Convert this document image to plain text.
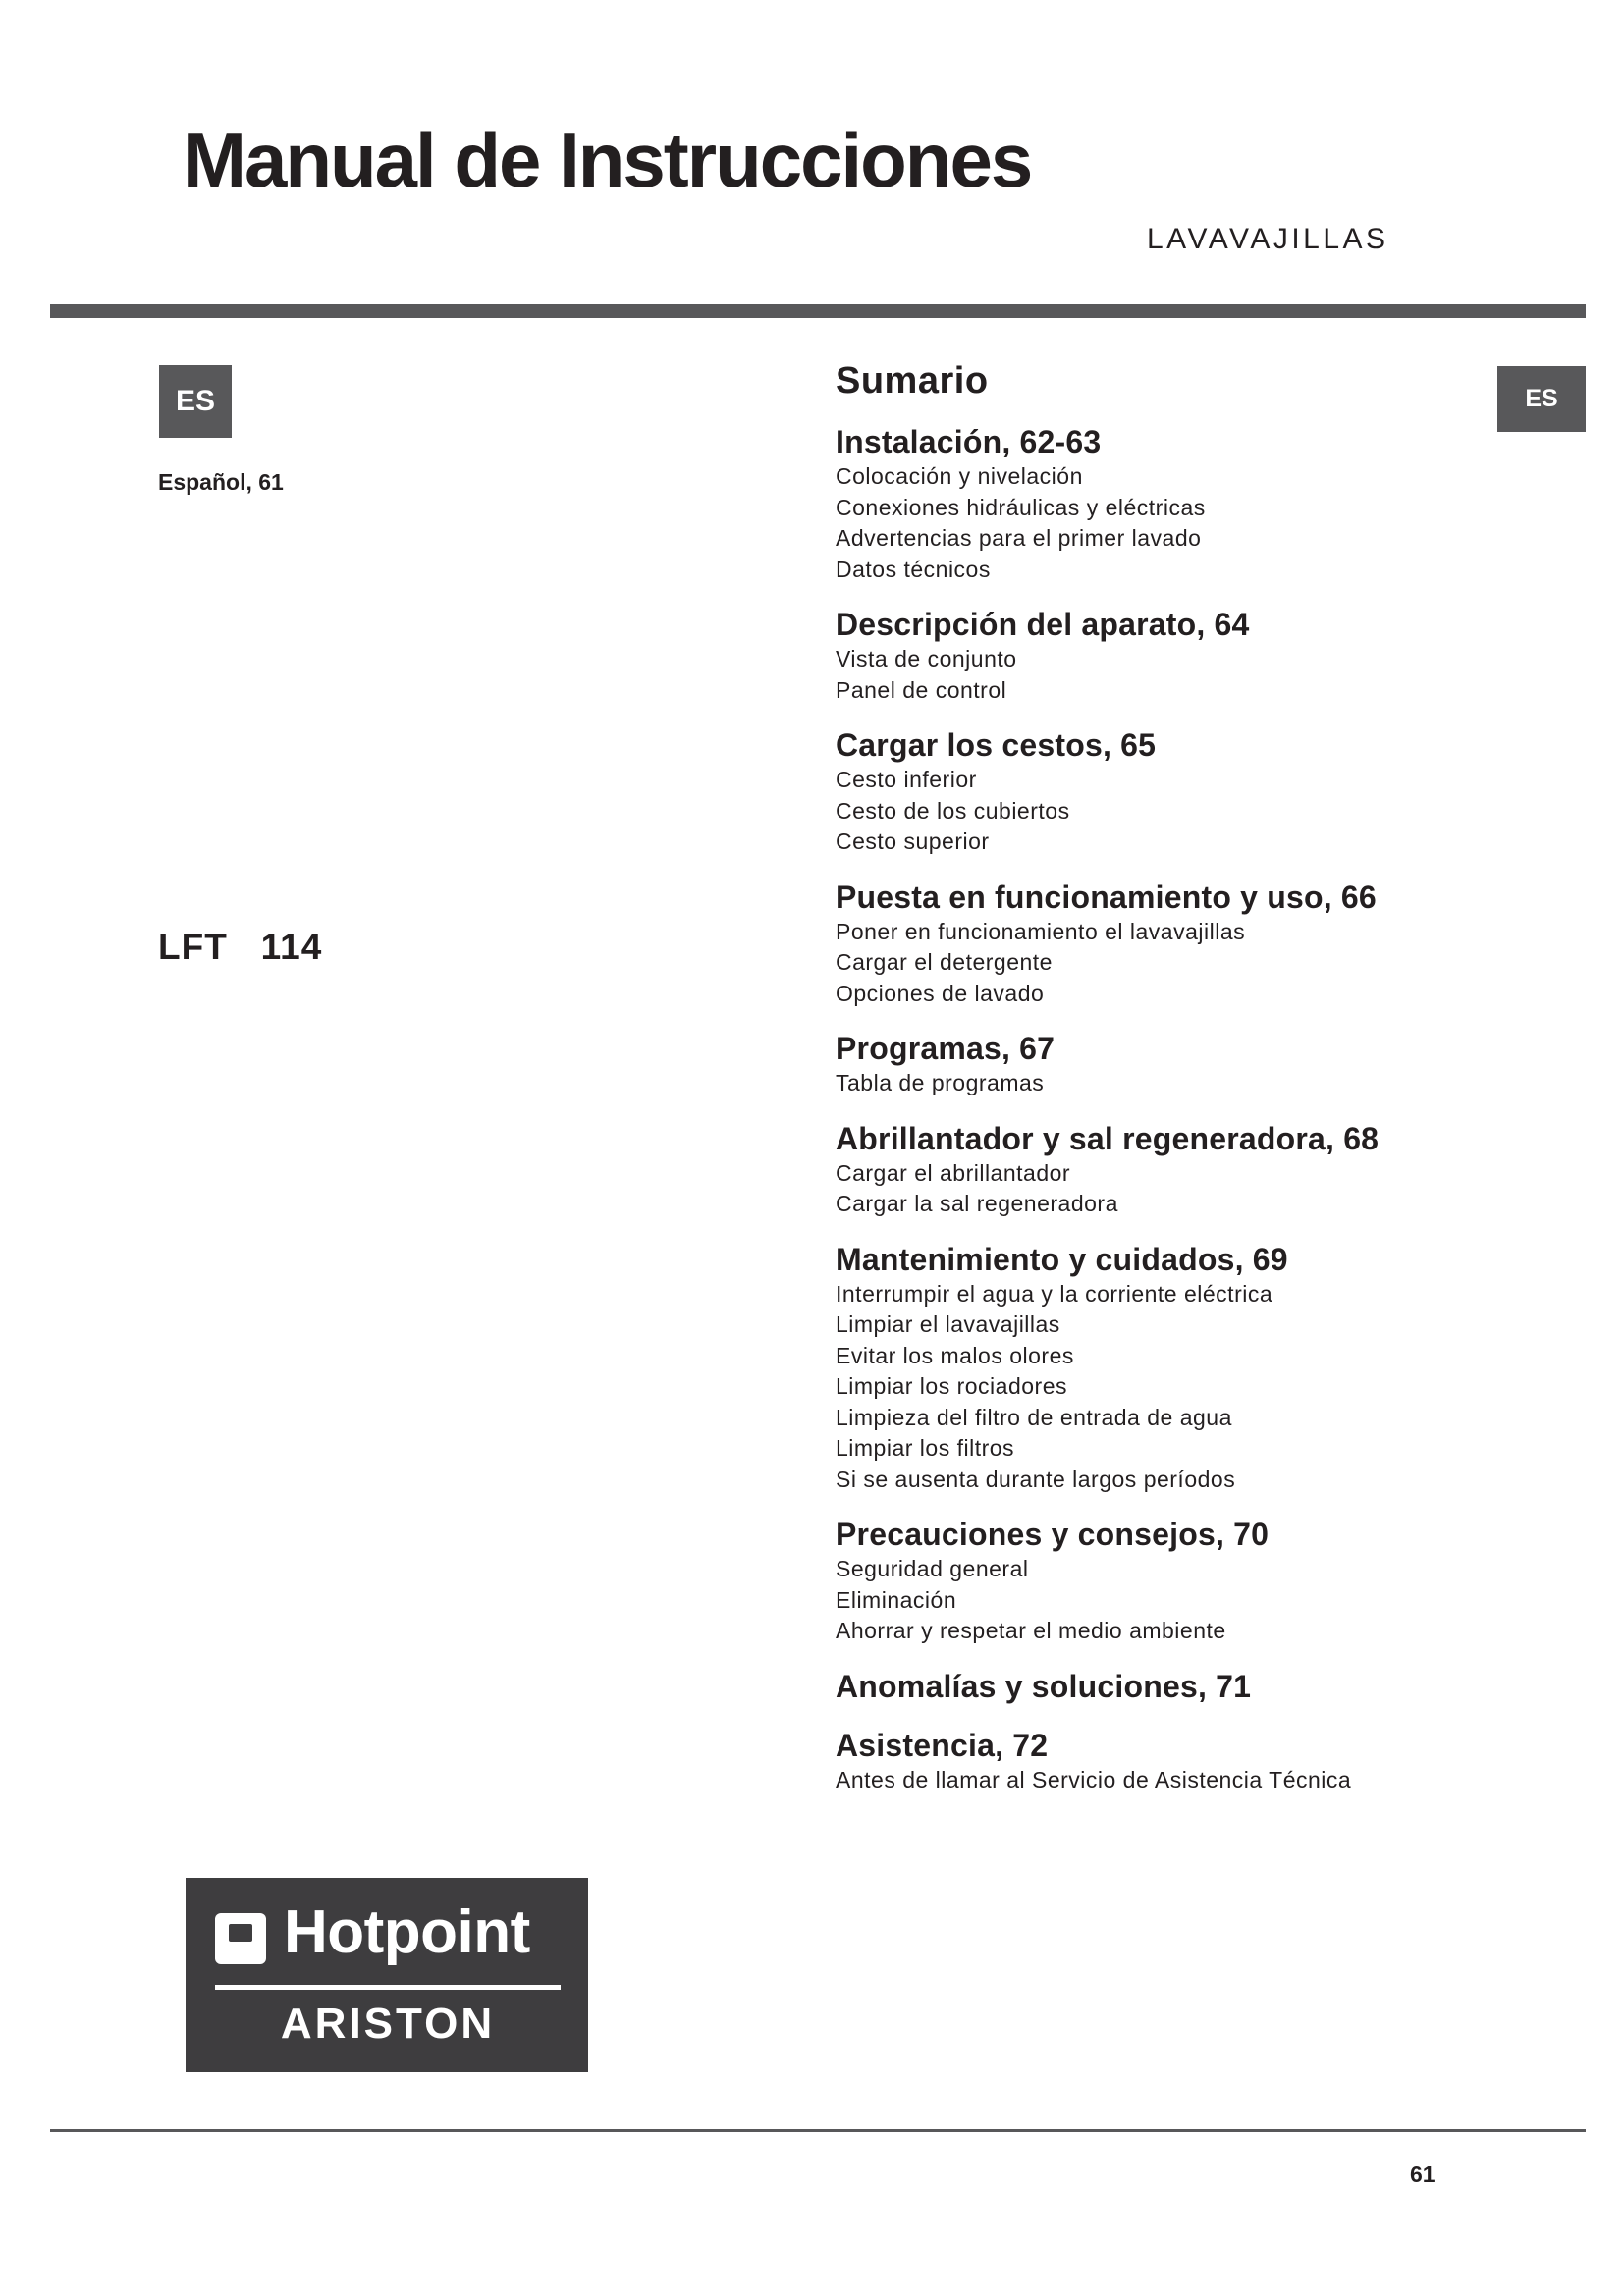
Manual de Instrucciones
LAVAVAJILLAS
ES
Español, 61
LFT   114
ES
Sumario
Instalación, 62-63
Colocación y nivelación
Conexiones hidráulicas y eléctricas
Advertencias para el primer lavado
Datos técnicos
Descripción del aparato, 64
Vista de conjunto
Panel de control
Cargar los cestos, 65
Cesto inferior
Cesto de los cubiertos
Cesto superior
Puesta en funcionamiento y uso, 66
Poner en funcionamiento el lavavajillas
Cargar el detergente
Opciones de lavado
Programas, 67
Tabla de programas
Abrillantador y sal regeneradora, 68
Cargar el abrillantador
Cargar la sal regeneradora
Mantenimiento y cuidados, 69
Interrumpir el agua y la corriente eléctrica
Limpiar el lavavajillas
Evitar los malos olores
Limpiar los rociadores
Limpieza del filtro de entrada de agua
Limpiar los filtros
Si se ausenta durante largos períodos
Precauciones y consejos, 70
Seguridad general
Eliminación
Ahorrar y respetar el medio ambiente
Anomalías y soluciones, 71
Asistencia, 72
Antes de llamar al Servicio de Asistencia Técnica
Hotpoint
ARISTON
61
